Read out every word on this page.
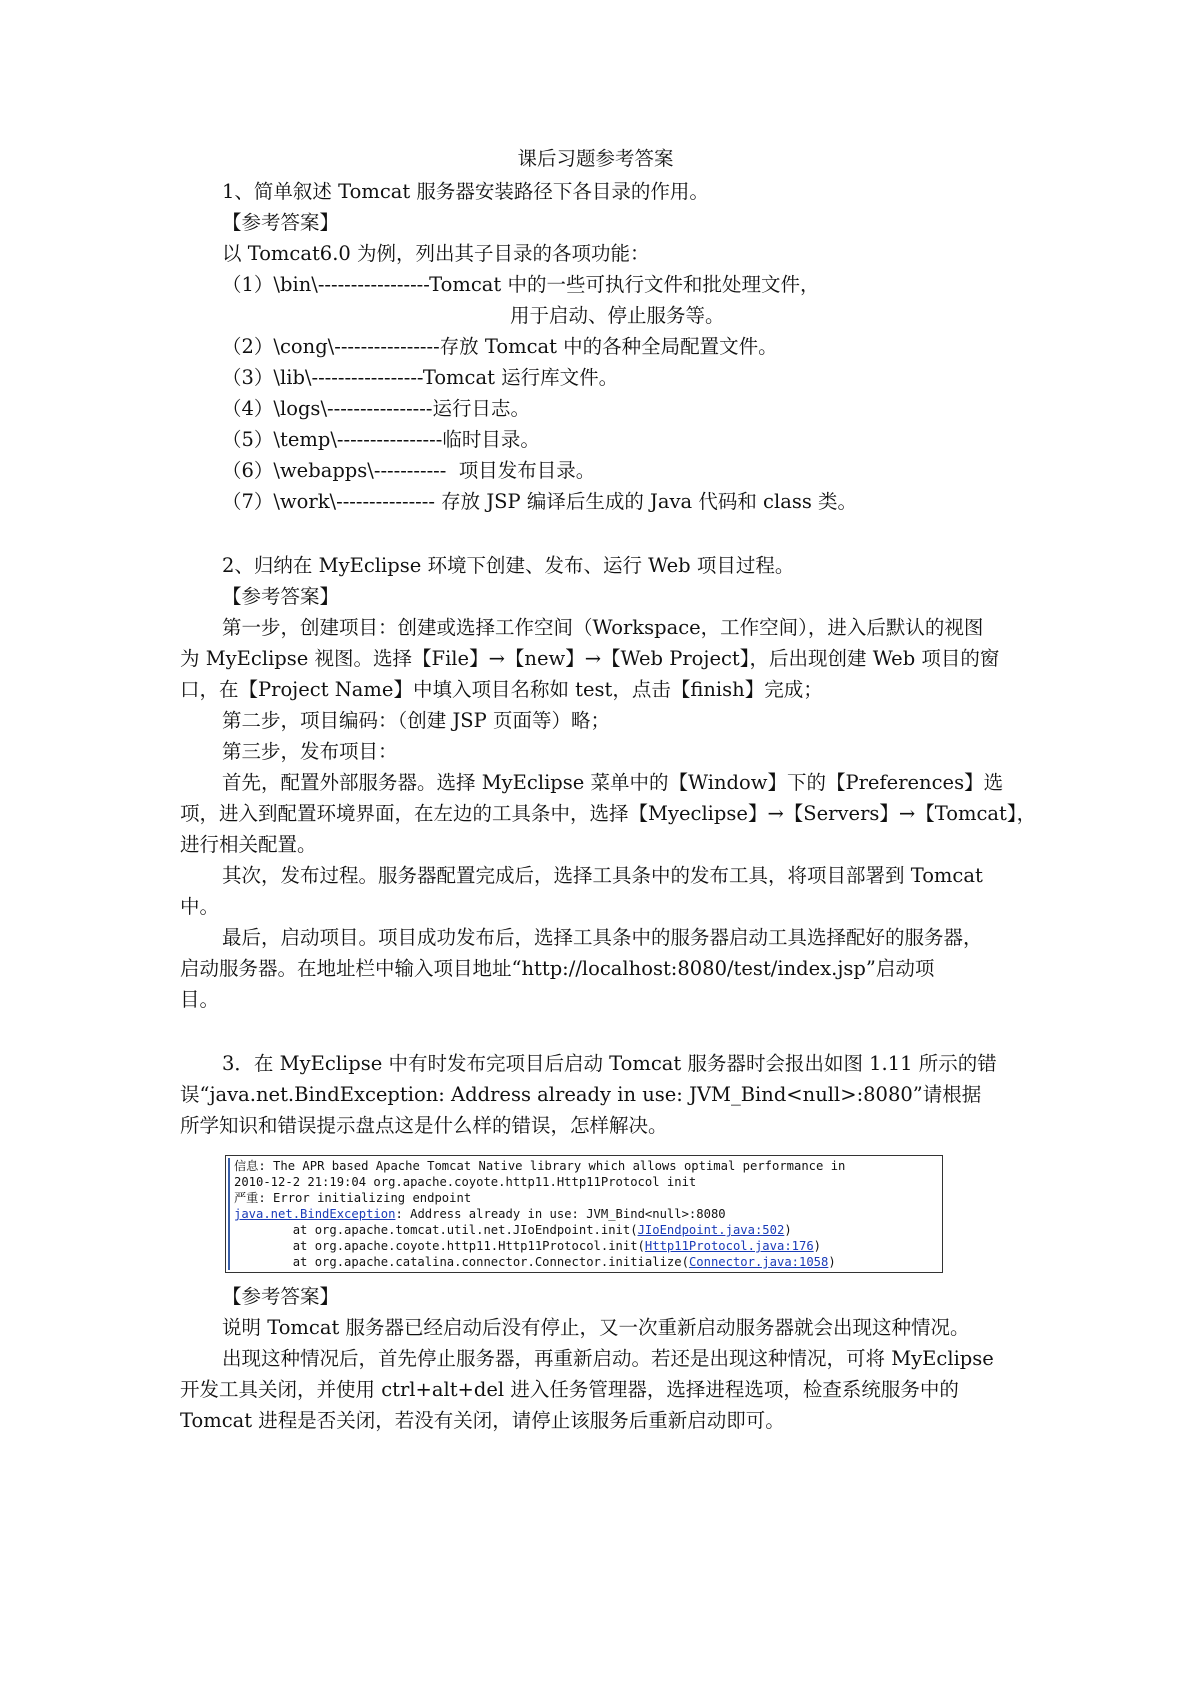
课后习题参考答案
1、简单叙述 Tomcat 服务器安装路径下各目录的作用。
【参考答案】
以 Tomcat6.0 为例，列出其子目录的各项功能：
（1）\bin\-----------------Tomcat 中的一些可执行文件和批处理文件，
用于启动、停止服务等。
（2）\cong\----------------存放 Tomcat 中的各种全局配置文件。
（3）\lib\-----------------Tomcat 运行库文件。
（4）\logs\----------------运行日志。
（5）\temp\----------------临时目录。
（6）\webapps\-----------  项目发布目录。
（7）\work\--------------- 存放 JSP 编译后生成的 Java 代码和 class 类。
2、归纳在 MyEclipse 环境下创建、发布、运行 Web 项目过程。
【参考答案】
第一步，创建项目：创建或选择工作空间（Workspace，工作空间），进入后默认的视图
为 MyEclipse 视图。选择【File】→【new】→【Web Project】，后出现创建 Web 项目的窗
口，在【Project Name】中填入项目名称如 test，点击【finish】完成；
第二步，项目编码：（创建 JSP 页面等）略；
第三步，发布项目：
首先，配置外部服务器。选择 MyEclipse 菜单中的【Window】下的【Preferences】选
项，进入到配置环境界面，在左边的工具条中，选择【Myeclipse】→【Servers】→【Tomcat】，
进行相关配置。
其次，发布过程。服务器配置完成后，选择工具条中的发布工具，将项目部署到 Tomcat
中。
最后，启动项目。项目成功发布后，选择工具条中的服务器启动工具选择配好的服务器，
启动服务器。在地址栏中输入项目地址“http://localhost:8080/test/index.jsp”启动项
目。
3．在 MyEclipse 中有时发布完项目后启动 Tomcat 服务器时会报出如图 1.11 所示的错
误“java.net.BindException: Address already in use: JVM_Bind<null>:8080”请根据
所学知识和错误提示盘点这是什么样的错误，怎样解决。
信息: The APR based Apache Tomcat Native library which allows optimal performance in
2010-12-2 21:19:04 org.apache.coyote.http11.Http11Protocol init
严重: Error initializing endpoint
java.net.BindException: Address already in use: JVM_Bind<null>:8080
at org.apache.tomcat.util.net.JIoEndpoint.init(JIoEndpoint.java:502)
at org.apache.coyote.http11.Http11Protocol.init(Http11Protocol.java:176)
at org.apache.catalina.connector.Connector.initialize(Connector.java:1058)
【参考答案】
说明 Tomcat 服务器已经启动后没有停止，又一次重新启动服务器就会出现这种情况。
出现这种情况后，首先停止服务器，再重新启动。若还是出现这种情况，可将 MyEclipse
开发工具关闭，并使用 ctrl+alt+del 进入任务管理器，选择进程选项，检查系统服务中的
Tomcat 进程是否关闭，若没有关闭，请停止该服务后重新启动即可。
